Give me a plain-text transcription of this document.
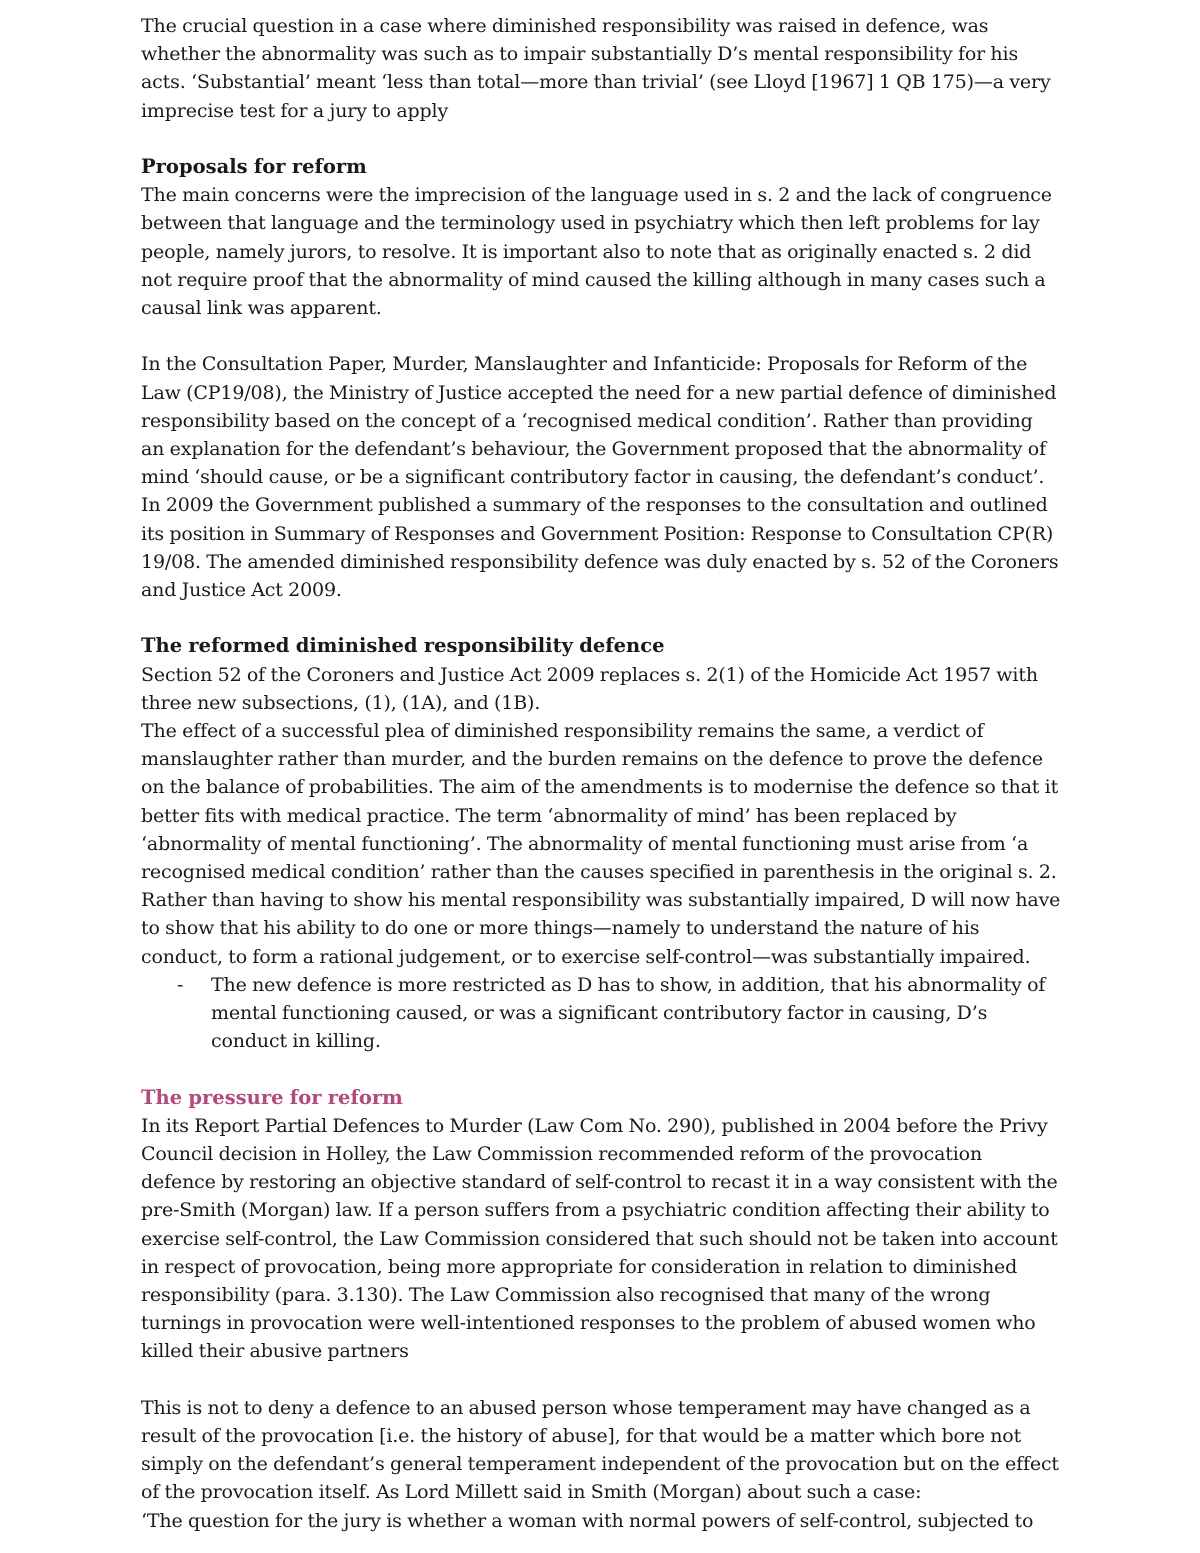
The crucial question in a case where diminished responsibility was raised in defence, was whether the abnormality was such as to impair substantially D’s mental responsibility for his acts. ‘Substantial’ meant ‘less than total—more than trivial’ (see Lloyd [1967] 1 QB 175)—a very imprecise test for a jury to apply

Proposals for reform

The main concerns were the imprecision of the language used in s. 2 and the lack of congruence between that language and the terminology used in psychiatry which then left problems for lay people, namely jurors, to resolve. It is important also to note that as originally enacted s. 2 did not require proof that the abnormality of mind caused the killing although in many cases such a causal link was apparent.

In the Consultation Paper, Murder, Manslaughter and Infanticide: Proposals for Reform of the Law (CP19/08), the Ministry of Justice accepted the need for a new partial defence of diminished responsibility based on the concept of a ‘recognised medical condition’. Rather than providing an explanation for the defendant’s behaviour, the Government proposed that the abnormality of mind ‘should cause, or be a significant contributory factor in causing, the defendant’s conduct’. In 2009 the Government published a summary of the responses to the consultation and outlined its position in Summary of Responses and Government Position: Response to Consultation CP(R) 19/08. The amended diminished responsibility defence was duly enacted by s. 52 of the Coroners and Justice Act 2009.

The reformed diminished responsibility defence

Section 52 of the Coroners and Justice Act 2009 replaces s. 2(1) of the Homicide Act 1957 with three new subsections, (1), (1A), and (1B).

The effect of a successful plea of diminished responsibility remains the same, a verdict of manslaughter rather than murder, and the burden remains on the defence to prove the defence on the balance of probabilities. The aim of the amendments is to modernise the defence so that it better fits with medical practice. The term ‘abnormality of mind’ has been replaced by ‘abnormality of mental functioning’. The abnormality of mental functioning must arise from ‘a recognised medical condition’ rather than the causes specified in parenthesis in the original s. 2. Rather than having to show his mental responsibility was substantially impaired, D will now have to show that his ability to do one or more things—namely to understand the nature of his conduct, to form a rational judgement, or to exercise self-control—was substantially impaired.

- The new defence is more restricted as D has to show, in addition, that his abnormality of mental functioning caused, or was a significant contributory factor in causing, D’s conduct in killing.
The pressure for reform

In its Report Partial Defences to Murder (Law Com No. 290), published in 2004 before the Privy Council decision in Holley, the Law Commission recommended reform of the provocation defence by restoring an objective standard of self-control to recast it in a way consistent with the pre-Smith (Morgan) law. If a person suffers from a psychiatric condition affecting their ability to exercise self-control, the Law Commission considered that such should not be taken into account in respect of provocation, being more appropriate for consideration in relation to diminished responsibility (para. 3.130). The Law Commission also recognised that many of the wrong turnings in provocation were well-intentioned responses to the problem of abused women who killed their abusive partners

This is not to deny a defence to an abused person whose temperament may have changed as a result of the provocation [i.e. the history of abuse], for that would be a matter which bore not simply on the defendant’s general temperament independent of the provocation but on the effect of the provocation itself. As Lord Millett said in Smith (Morgan) about such a case:

‘The question for the jury is whether a woman with normal powers of self-control, subjected to
